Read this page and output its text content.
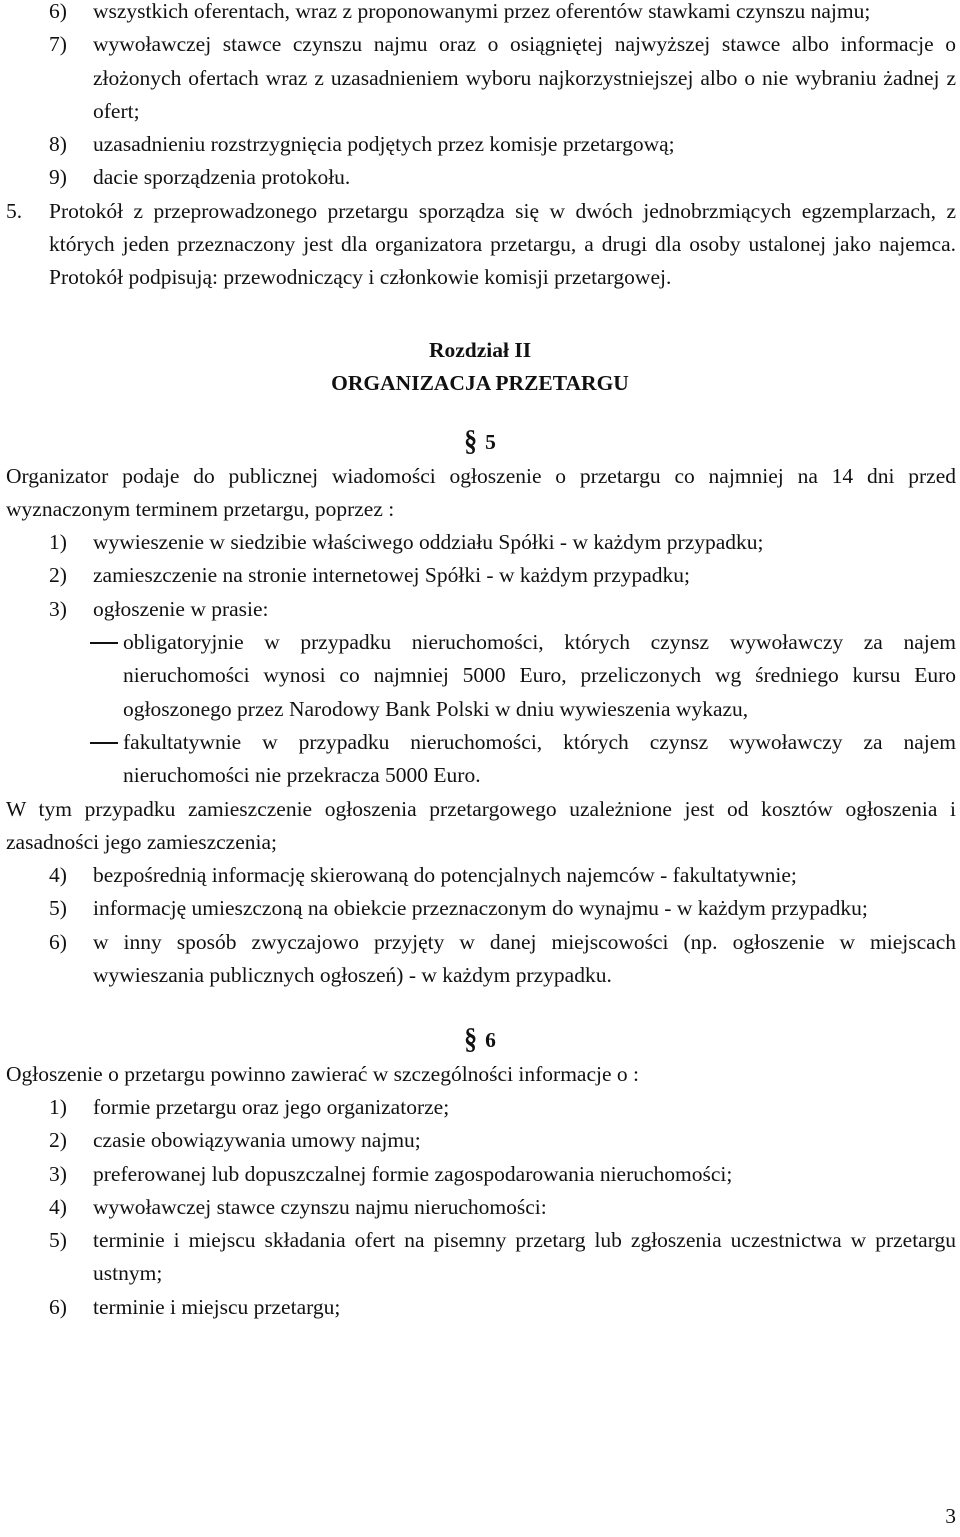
6) wszystkich oferentach, wraz z proponowanymi przez oferentów stawkami czynszu najmu;
7) wywoławczej stawce czynszu najmu oraz o osiągniętej najwyższej stawce albo informacje o złożonych ofertach wraz z uzasadnieniem wyboru najkorzystniejszej albo o nie wybraniu żadnej z ofert;
8) uzasadnieniu rozstrzygnięcia podjętych przez komisje przetargową;
9) dacie sporządzenia protokołu.
5. Protokół z przeprowadzonego przetargu sporządza się w dwóch jednobrzmiących egzemplarzach, z których jeden przeznaczony jest dla organizatora przetargu, a drugi dla osoby ustalonej jako najemca. Protokół podpisują: przewodniczący i członkowie komisji przetargowej.
Rozdział II
ORGANIZACJA PRZETARGU
§ 5
Organizator podaje do publicznej wiadomości ogłoszenie o przetargu co najmniej na 14 dni przed wyznaczonym terminem przetargu, poprzez :
1) wywieszenie w siedzibie właściwego oddziału Spółki - w każdym przypadku;
2) zamieszczenie na stronie internetowej Spółki - w każdym przypadku;
3) ogłoszenie w prasie:
obligatoryjnie w przypadku nieruchomości, których czynsz wywoławczy za najem nieruchomości wynosi co najmniej 5000 Euro, przeliczonych wg średniego kursu Euro ogłoszonego przez Narodowy Bank Polski w dniu wywieszenia wykazu,
fakultatywnie w przypadku nieruchomości, których czynsz wywoławczy za najem nieruchomości nie przekracza 5000 Euro.
W tym przypadku zamieszczenie ogłoszenia przetargowego uzależnione jest od kosztów ogłoszenia i zasadności jego zamieszczenia;
4) bezpośrednią informację skierowaną do potencjalnych najemców - fakultatywnie;
5) informację umieszczoną na obiekcie przeznaczonym do wynajmu - w każdym przypadku;
6) w inny sposób zwyczajowo przyjęty w danej miejscowości (np. ogłoszenie w miejscach wywieszania publicznych ogłoszeń) - w każdym przypadku.
§ 6
Ogłoszenie o przetargu powinno zawierać w szczególności informacje o :
1) formie przetargu oraz jego organizatorze;
2) czasie obowiązywania umowy najmu;
3) preferowanej lub dopuszczalnej formie zagospodarowania nieruchomości;
4) wywoławczej stawce czynszu najmu nieruchomości:
5) terminie i miejscu składania ofert na pisemny przetarg lub zgłoszenia uczestnictwa w przetargu ustnym;
6) terminie i miejscu przetargu;
3
